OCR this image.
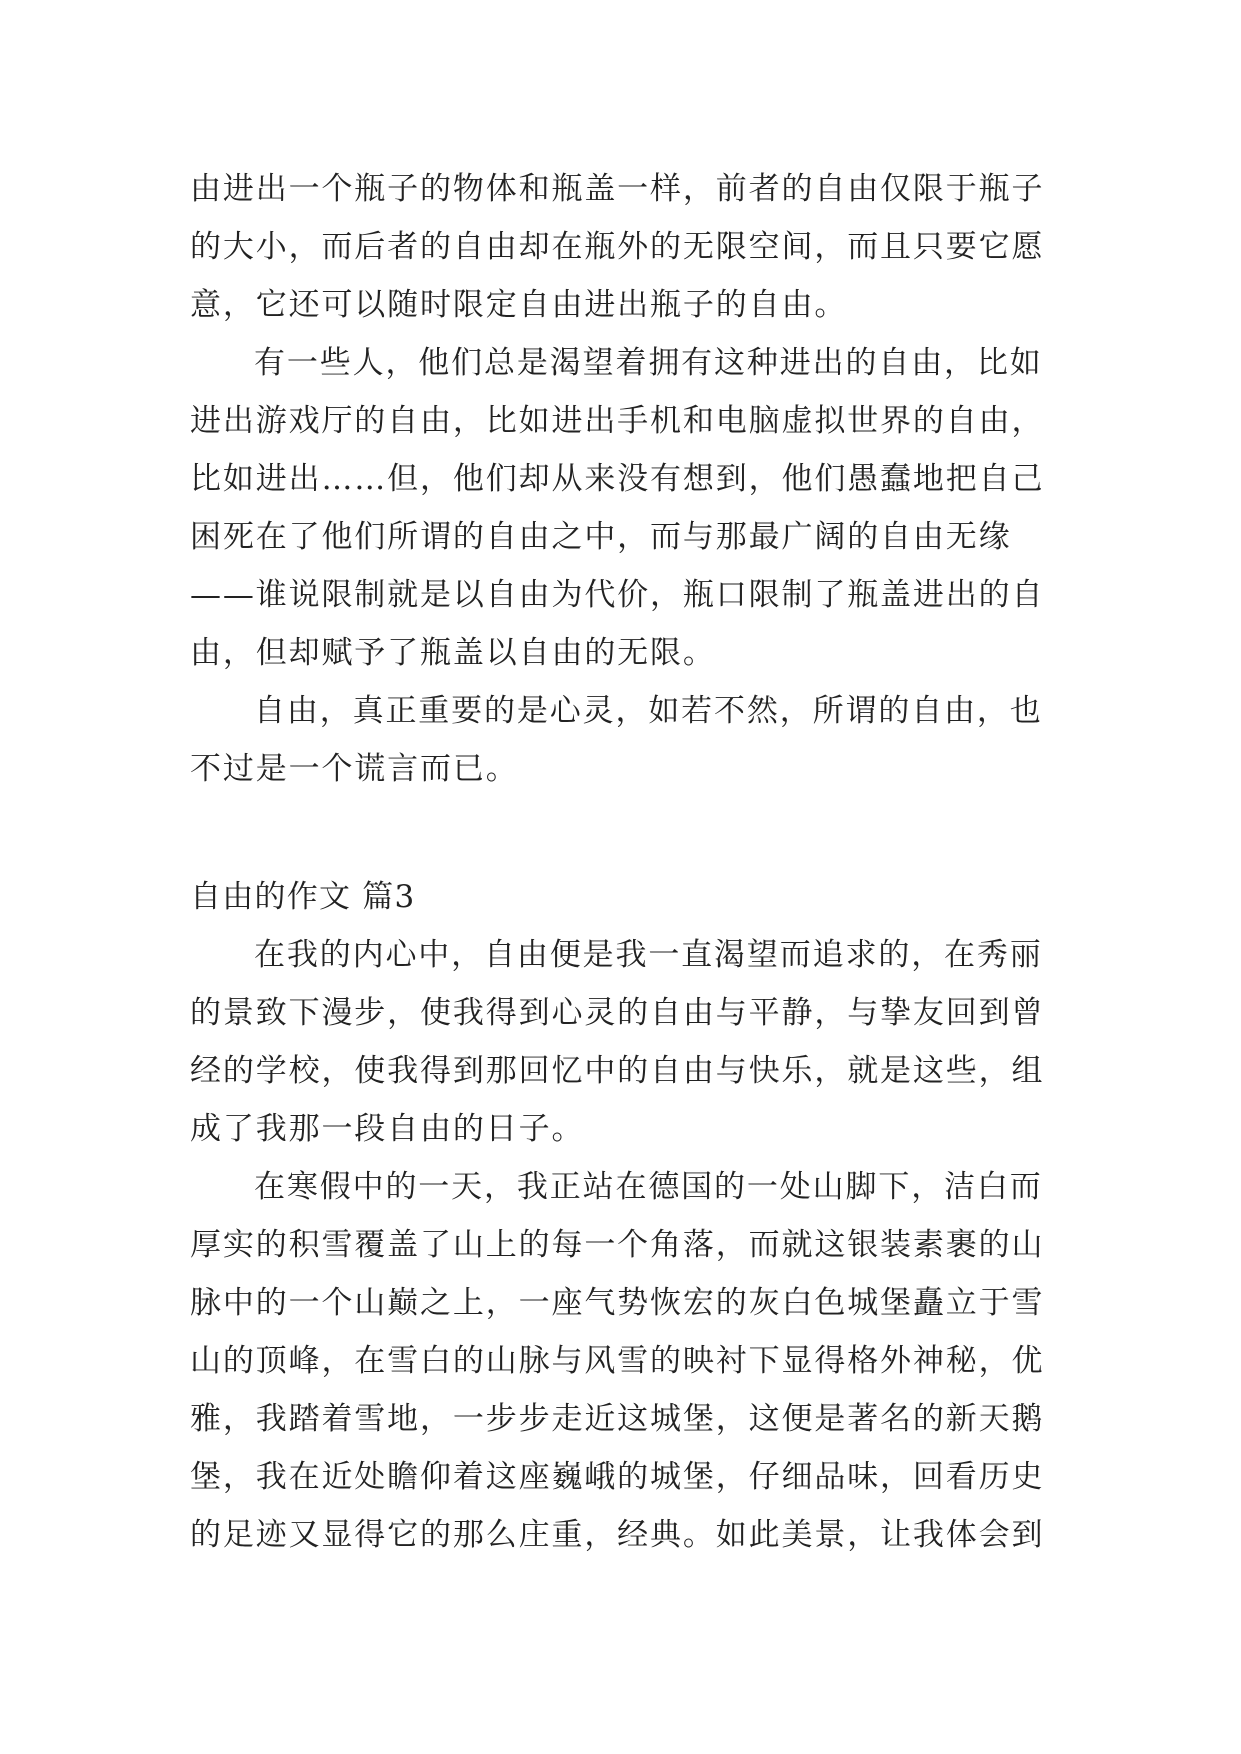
由进出一个瓶子的物体和瓶盖一样，前者的自由仅限于瓶子
的大小，而后者的自由却在瓶外的无限空间，而且只要它愿
意，它还可以随时限定自由进出瓶子的自由。
有一些人，他们总是渴望着拥有这种进出的自由，比如
进出游戏厅的自由，比如进出手机和电脑虚拟世界的自由，
比如进出……但，他们却从来没有想到，他们愚蠢地把自己
困死在了他们所谓的自由之中，而与那最广阔的自由无缘
——谁说限制就是以自由为代价，瓶口限制了瓶盖进出的自
由，但却赋予了瓶盖以自由的无限。
自由，真正重要的是心灵，如若不然，所谓的自由，也
不过是一个谎言而已。
自由的作文 篇3
在我的内心中，自由便是我一直渴望而追求的，在秀丽
的景致下漫步，使我得到心灵的自由与平静，与挚友回到曾
经的学校，使我得到那回忆中的自由与快乐，就是这些，组
成了我那一段自由的日子。
在寒假中的一天，我正站在德国的一处山脚下，洁白而
厚实的积雪覆盖了山上的每一个角落，而就这银装素裹的山
脉中的一个山巅之上，一座气势恢宏的灰白色城堡矗立于雪
山的顶峰，在雪白的山脉与风雪的映衬下显得格外神秘，优
雅，我踏着雪地，一步步走近这城堡，这便是著名的新天鹅
堡，我在近处瞻仰着这座巍峨的城堡，仔细品味，回看历史
的足迹又显得它的那么庄重，经典。如此美景，让我体会到
